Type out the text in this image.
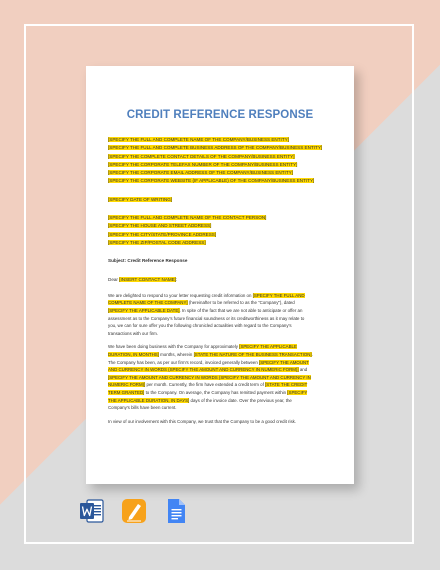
CREDIT REFERENCE RESPONSE
[SPECIFY THE FULL AND COMPLETE NAME OF THE COMPANY/BUSINESS ENTITY]
[SPECIFY THE FULL AND COMPLETE BUSINESS ADDRESS OF THE COMPANY/BUSINESS ENTITY]
[SPECIFY THE COMPLETE CONTACT DETAILS OF THE COMPANY/BUSINESS ENTITY]
[SPECIFY THE CORPORATE TELEFAX NUMBER OF THE COMPANY/BUSINESS ENTITY]
[SPECIFY THE CORPORATE EMAIL ADDRESS OF THE COMPANY/BUSINESS ENTITY]
[SPECIFY THE CORPORATE WEBSITE (IF APPLICABLE) OF THE COMPANY/BUSINESS ENTITY]
[SPECIFY DATE OF WRITING]
[SPECIFY THE FULL AND COMPLETE NAME OF THE CONTACT PERSON]
[SPECIFY THE HOUSE AND STREET ADDRESS]
[SPECIFY THE CITY/STATE/PROVINCE ADDRESS]
[SPECIFY THE ZIP/POSTAL CODE ADDRESS]
Subject: Credit Reference Response
Dear [INSERT CONTACT NAME]:
We are delighted to respond to your letter requesting credit information on [SPECIFY THE FULL AND
COMPLETE NAME OF THE COMPANY] (hereinafter to be referred to as the “Company”), dated
[SPECIFY THE APPLICABLE DATE]. In spite of the fact that we are not able to anticipate or offer an
assessment as to the Company’s future financial soundness or its creditworthiness as it may relate to
you, we can for sure offer you the following chronicled actualities with regard to the Company’s
transactions with our firm.
We have been doing business with the Company for approximately [SPECIFY THE APPLICABLE
DURATION, IN MONTHS] months, wherein [STATE THE NATURE OF THE BUSINESS TRANSACTION].
The Company has been, as per our firm’s record, invoiced generally between [SPECIFY THE AMOUNT
AND CURRENCY IN WORDS (SPECIFY THE AMOUNT AND CURRENCY IN NUMERIC FORM)] and
[SPECIFY THE AMOUNT AND CURRENCY IN WORDS (SPECIFY THE AMOUNT AND CURRENCY IN
NUMERIC FORM)] per month. Currently, the firm have extended a credit term of [STATE THE CREDIT
TERM GRANTED] to the Company. On average, the Company has remitted payment within [SPECIFY
THE APPLICABLE DURATION, IN DAYS] days of the invoice date. Over the previous year, the
Company’s bills have been current.
In view of our involvement with this Company, we trust that the Company to be a good credit risk.
